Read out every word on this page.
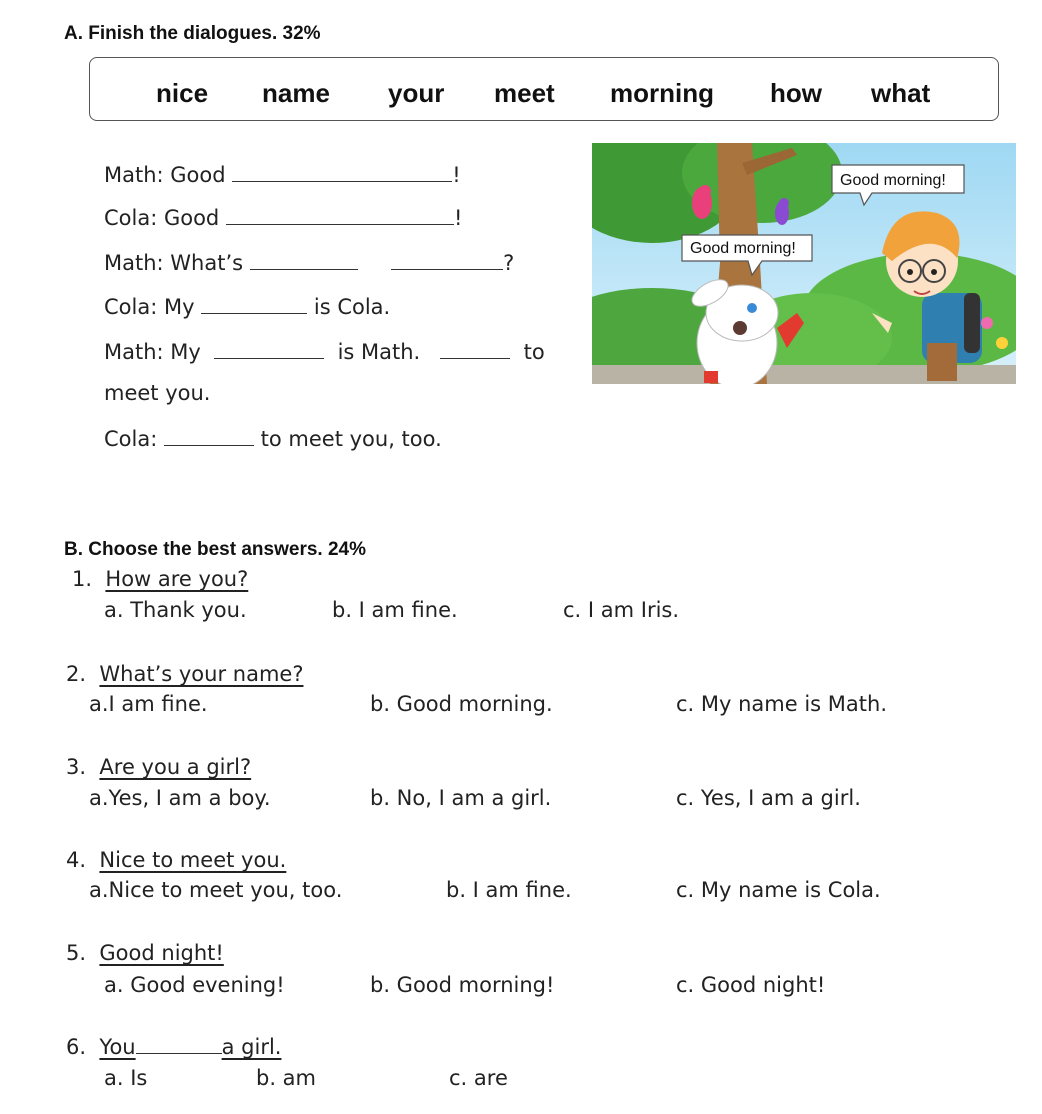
A. Finish the dialogues. 32%
nice name your meet morning how what
Math: Good	!
Cola: Good	!
Math: What’s	?
Cola: My	is Cola.
Math: My	is Math.	to
meet you.
Cola:	to meet you, too.
Good morning!
Good morning!
B. Choose the best answers. 24%
1. How are you?
a. Thank you.	b. I am fine.	c. I am Iris.
2. What’s your name?
a.I am fine.	b. Good morning.	c. My name is Math.
3. Are you a girl?
a.Yes, I am a boy.	b. No, I am a girl.	c. Yes, I am a girl.
4. Nice to meet you.
a.Nice to meet you, too.	b. I am fine.	c. My name is Cola.
5. Good night!
a. Good evening!	b. Good morning!	c. Good night!
6. You	a girl.
a. Is	b. am	c. are
